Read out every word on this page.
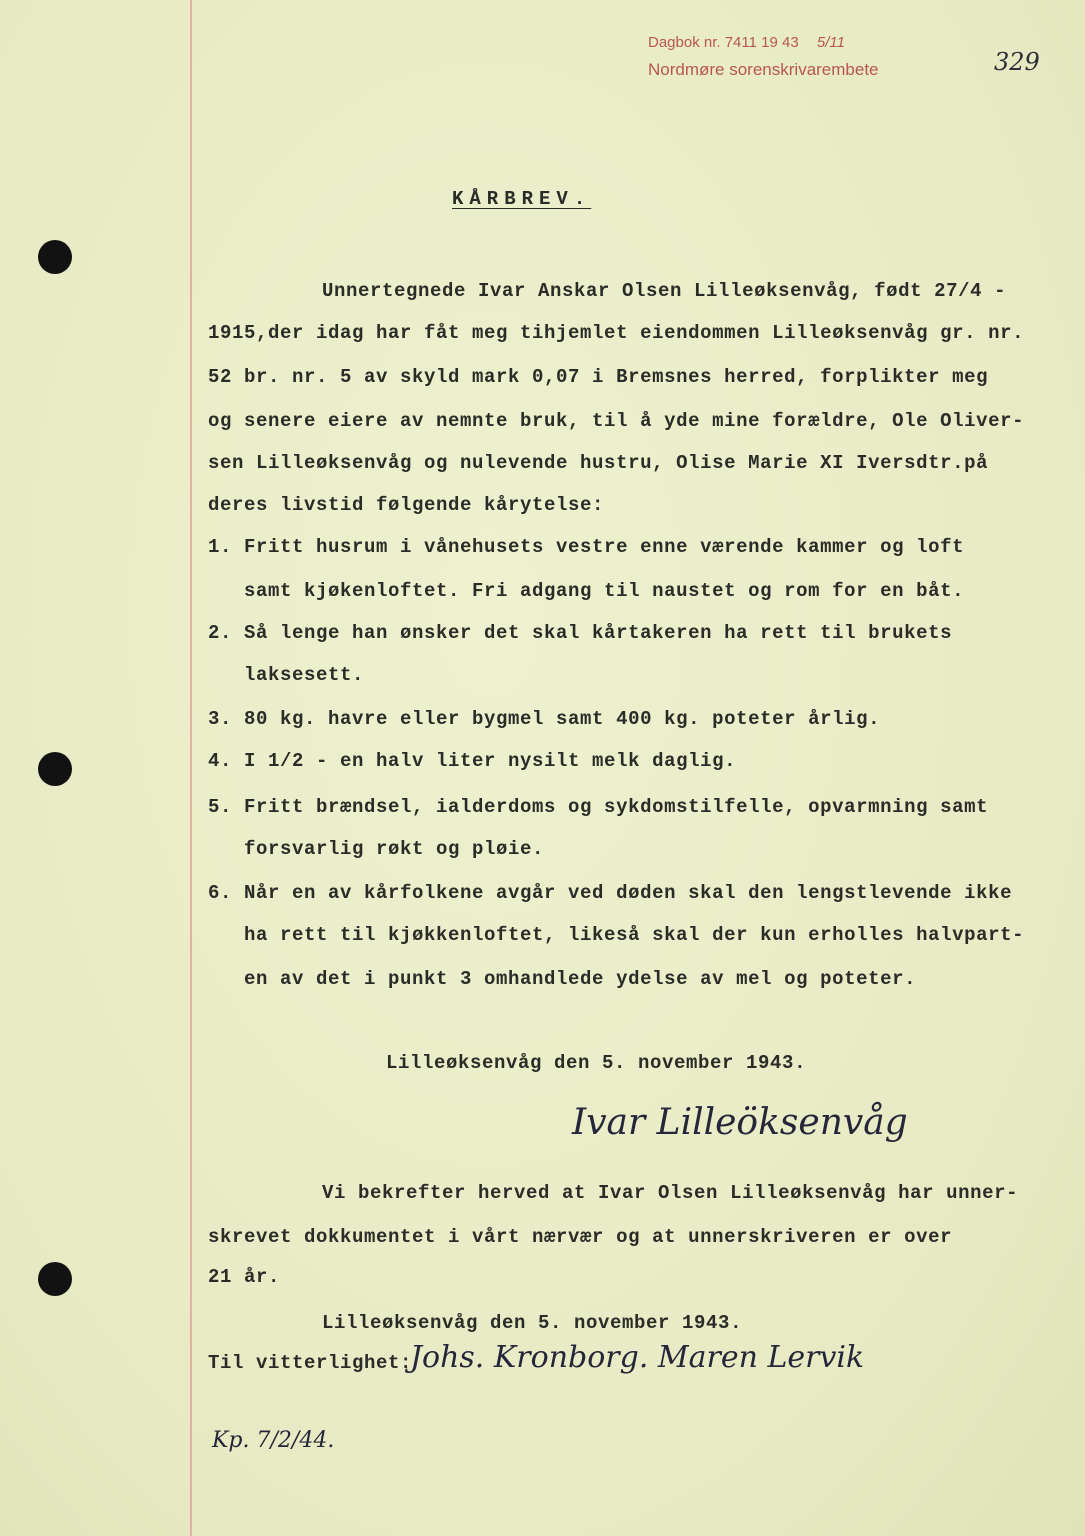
Dagbok nr. 7411 19 43 5/11
Nordmøre sorenskrivarembete	329
KÅRBREV.
Unnertegnede Ivar Anskar Olsen Lilleøksenvåg, født 27/4 -
1915,der idag har fåt meg tihjemlet eiendommen Lilleøksenvåg gr. nr.
52 br. nr. 5 av skyld mark 0,07 i Bremsnes herred, forplikter meg
og senere eiere av nemnte bruk, til å yde mine forældre, Ole Oliver-
sen Lilleøksenvåg og nulevende hustru, Olise Marie XI Iversdtr.på
deres livstid følgende kårytelse:
1. Fritt husrum i vånehusets vestre enne værende kammer og loft
samt kjøkenloftet. Fri adgang til naustet og rom for en båt.
2. Så lenge han ønsker det skal kårtakeren ha rett til brukets
laksesett.
3. 80 kg. havre eller bygmel samt 400 kg. poteter årlig.
4. I 1/2 - en halv liter nysilt melk daglig.
5. Fritt brændsel, ialderdoms og sykdomstilfelle, opvarmning samt
forsvarlig røkt og pløie.
6. Når en av kårfolkene avgår ved døden skal den lengstlevende ikke
ha rett til kjøkkenloftet, likeså skal der kun erholles halvpart-
en av det i punkt 3 omhandlede ydelse av mel og poteter.
Lilleøksenvåg den 5. november 1943.
Ivar Lilleöksenvåg
Vi bekrefter herved at Ivar Olsen Lilleøksenvåg har unner-
skrevet dokkumentet i vårt nærvær og at unnerskriveren er over
21 år.
Lilleøksenvåg den 5. november 1943.
Til vitterlighet:
Johs. Kronborg. Maren Lervik
Kp. 7/2/44.
